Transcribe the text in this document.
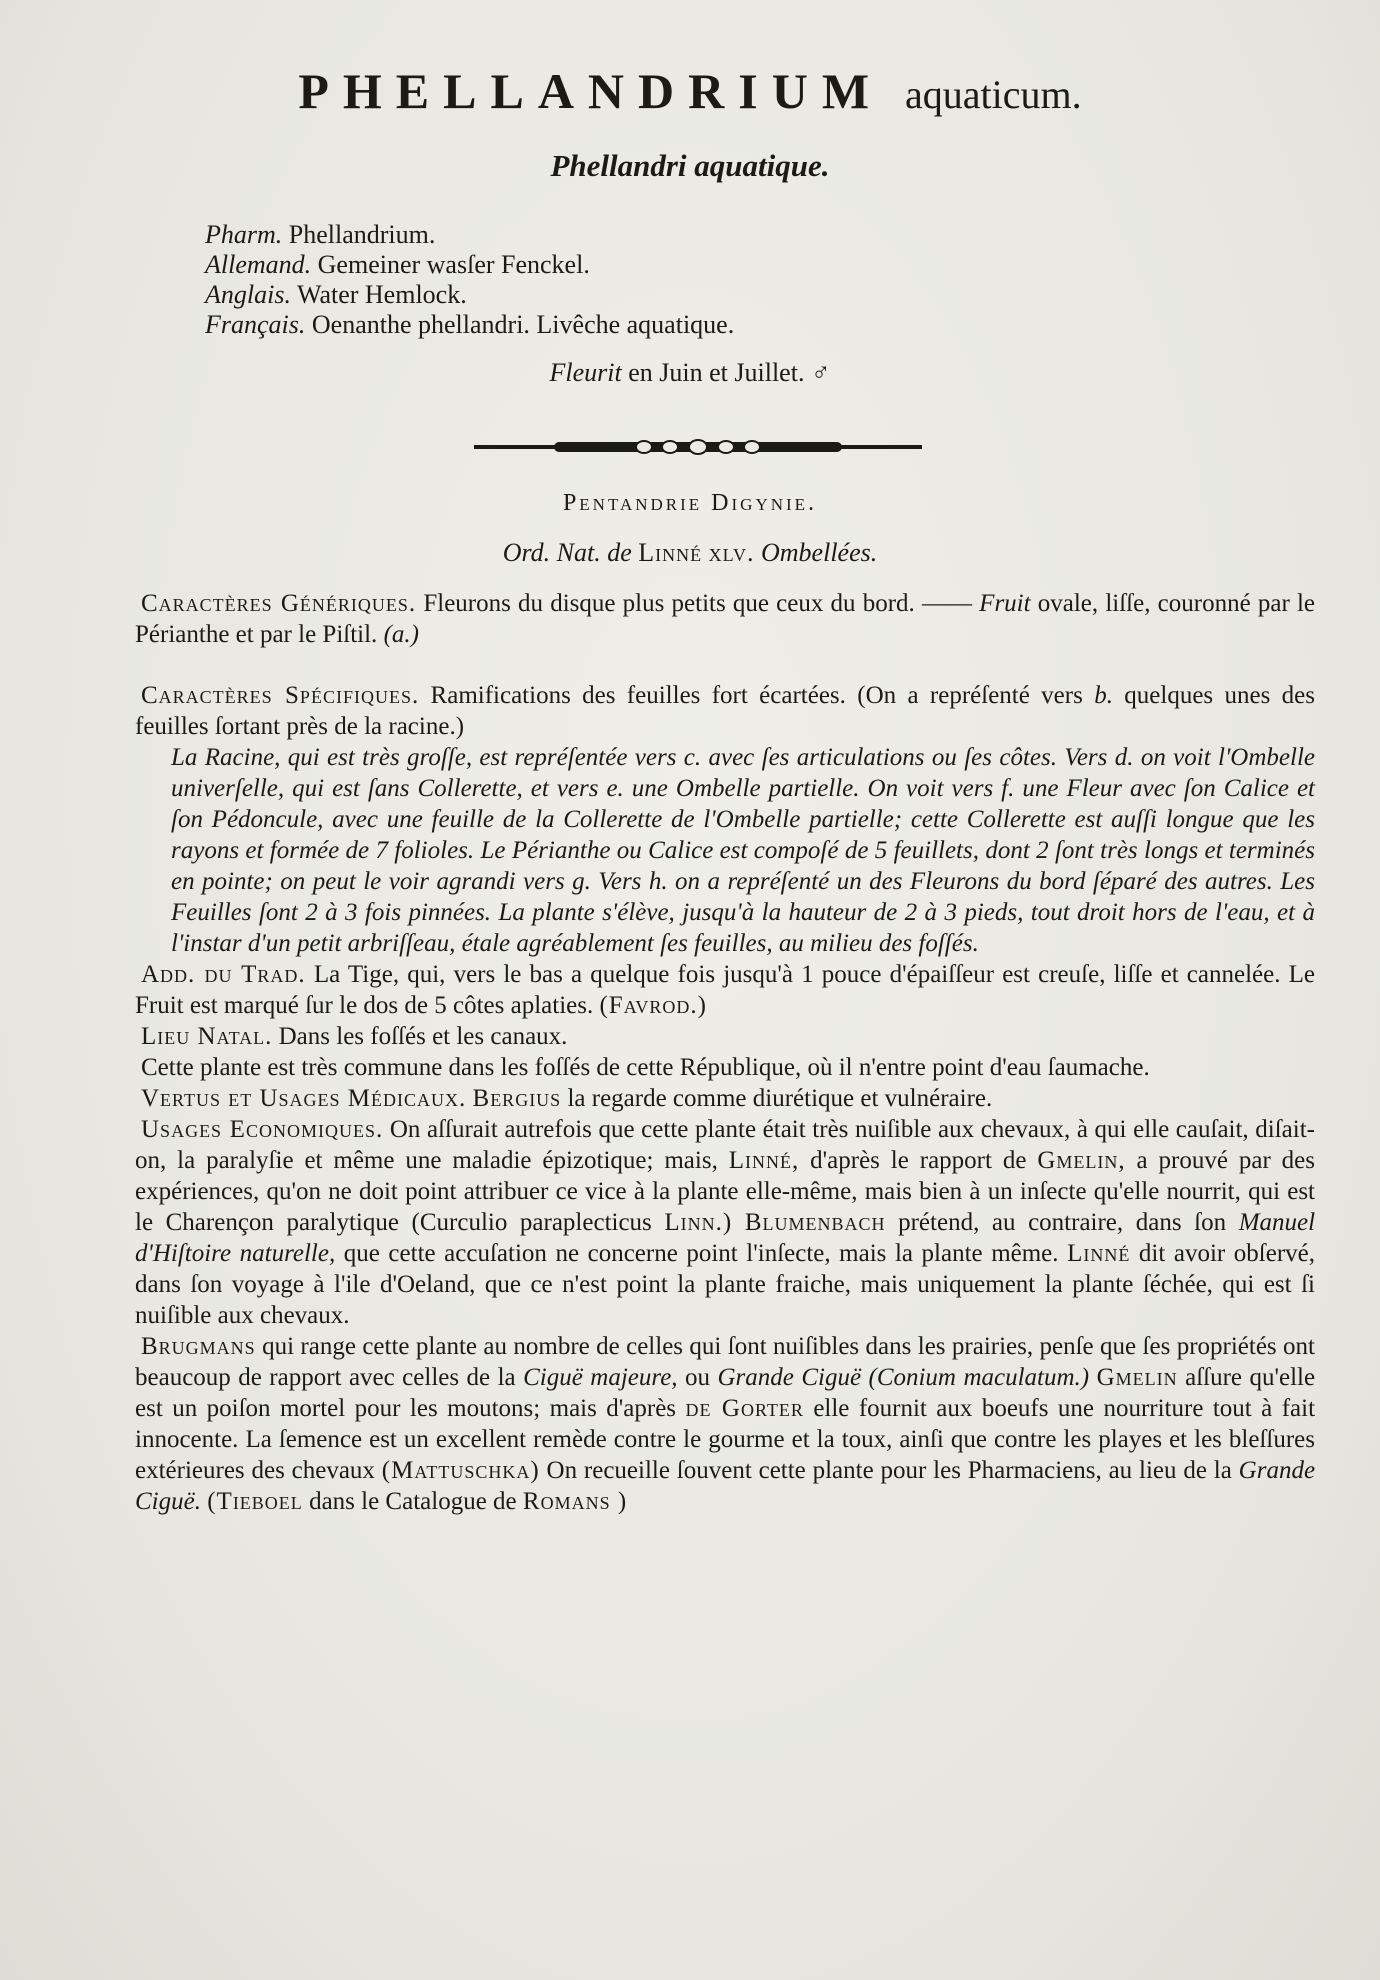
PHELLANDRIUM aquaticum.
Phellandri aquatique.
Pharm. Phellandrium.
Allemand. Gemeiner wasſer Fenckel.
Anglais. Water Hemlock.
Français. Oenanthe phellandri. Livêche aquatique.
Fleurit en Juin et Juillet. ♂
Pentandrie Digynie.
Ord. Nat. de Linné xlv. Ombellées.

Caractères Génériques. Fleurons du disque plus petits que ceux du bord. —— Fruit ovale, liſſe, couronné par le Périanthe et par le Piſtil. (a.)

Caractères Spécifiques. Ramifications des feuilles fort écartées. (On a repréſenté vers b. quelques unes des feuilles ſortant près de la racine.)

La Racine, qui est très groſſe, est repréſentée vers c. avec ſes articulations ou ſes côtes. Vers d. on voit l'Ombelle univerſelle, qui est ſans Collerette, et vers e. une Ombelle partielle. On voit vers f. une Fleur avec ſon Calice et ſon Pédoncule, avec une feuille de la Collerette de l'Ombelle partielle; cette Collerette est auſſi longue que les rayons et formée de 7 folioles. Le Périanthe ou Calice est compoſé de 5 feuillets, dont 2 ſont très longs et terminés en pointe; on peut le voir agrandi vers g. Vers h. on a repréſenté un des Fleurons du bord ſéparé des autres. Les Feuilles ſont 2 à 3 fois pinnées. La plante s'élève, jusqu'à la hauteur de 2 à 3 pieds, tout droit hors de l'eau, et à l'instar d'un petit arbriſſeau, étale agréablement ſes feuilles, au milieu des foſſés.

Add. du Trad. La Tige, qui, vers le bas a quelque fois jusqu'à 1 pouce d'épaiſſeur est creuſe, liſſe et cannelée. Le Fruit est marqué ſur le dos de 5 côtes aplaties. (Favrod.)

Lieu Natal. Dans les foſſés et les canaux.

Cette plante est très commune dans les foſſés de cette République, où il n'entre point d'eau ſaumache.

Vertus et Usages Médicaux. Bergius la regarde comme diurétique et vulnéraire.

Usages Economiques. On aſſurait autrefois que cette plante était très nuiſible aux chevaux, à qui elle cauſait, diſait-on, la paralyſie et même une maladie épizotique; mais, Linné, d'après le rapport de Gmelin, a prouvé par des expériences, qu'on ne doit point attribuer ce vice à la plante elle-même, mais bien à un inſecte qu'elle nourrit, qui est le Charençon paralytique (Curculio paraplecticus Linn.) Blumenbach prétend, au contraire, dans ſon Manuel d'Hiſtoire naturelle, que cette accuſation ne concerne point l'inſecte, mais la plante même. Linné dit avoir obſervé, dans ſon voyage à l'ile d'Oeland, que ce n'est point la plante fraiche, mais uniquement la plante ſéchée, qui est ſi nuiſible aux chevaux.

Brugmans qui range cette plante au nombre de celles qui ſont nuiſibles dans les prairies, penſe que ſes propriétés ont beaucoup de rapport avec celles de la Ciguë majeure, ou Grande Ciguë (Conium maculatum.) Gmelin aſſure qu'elle est un poiſon mortel pour les moutons; mais d'après de Gorter elle fournit aux boeufs une nourriture tout à fait innocente. La ſemence est un excellent remède contre le gourme et la toux, ainſi que contre les playes et les bleſſures extérieures des chevaux (Mattuschka) On recueille ſouvent cette plante pour les Pharmaciens, au lieu de la Grande Ciguë. (Tieboel dans le Catalogue de Romans )
